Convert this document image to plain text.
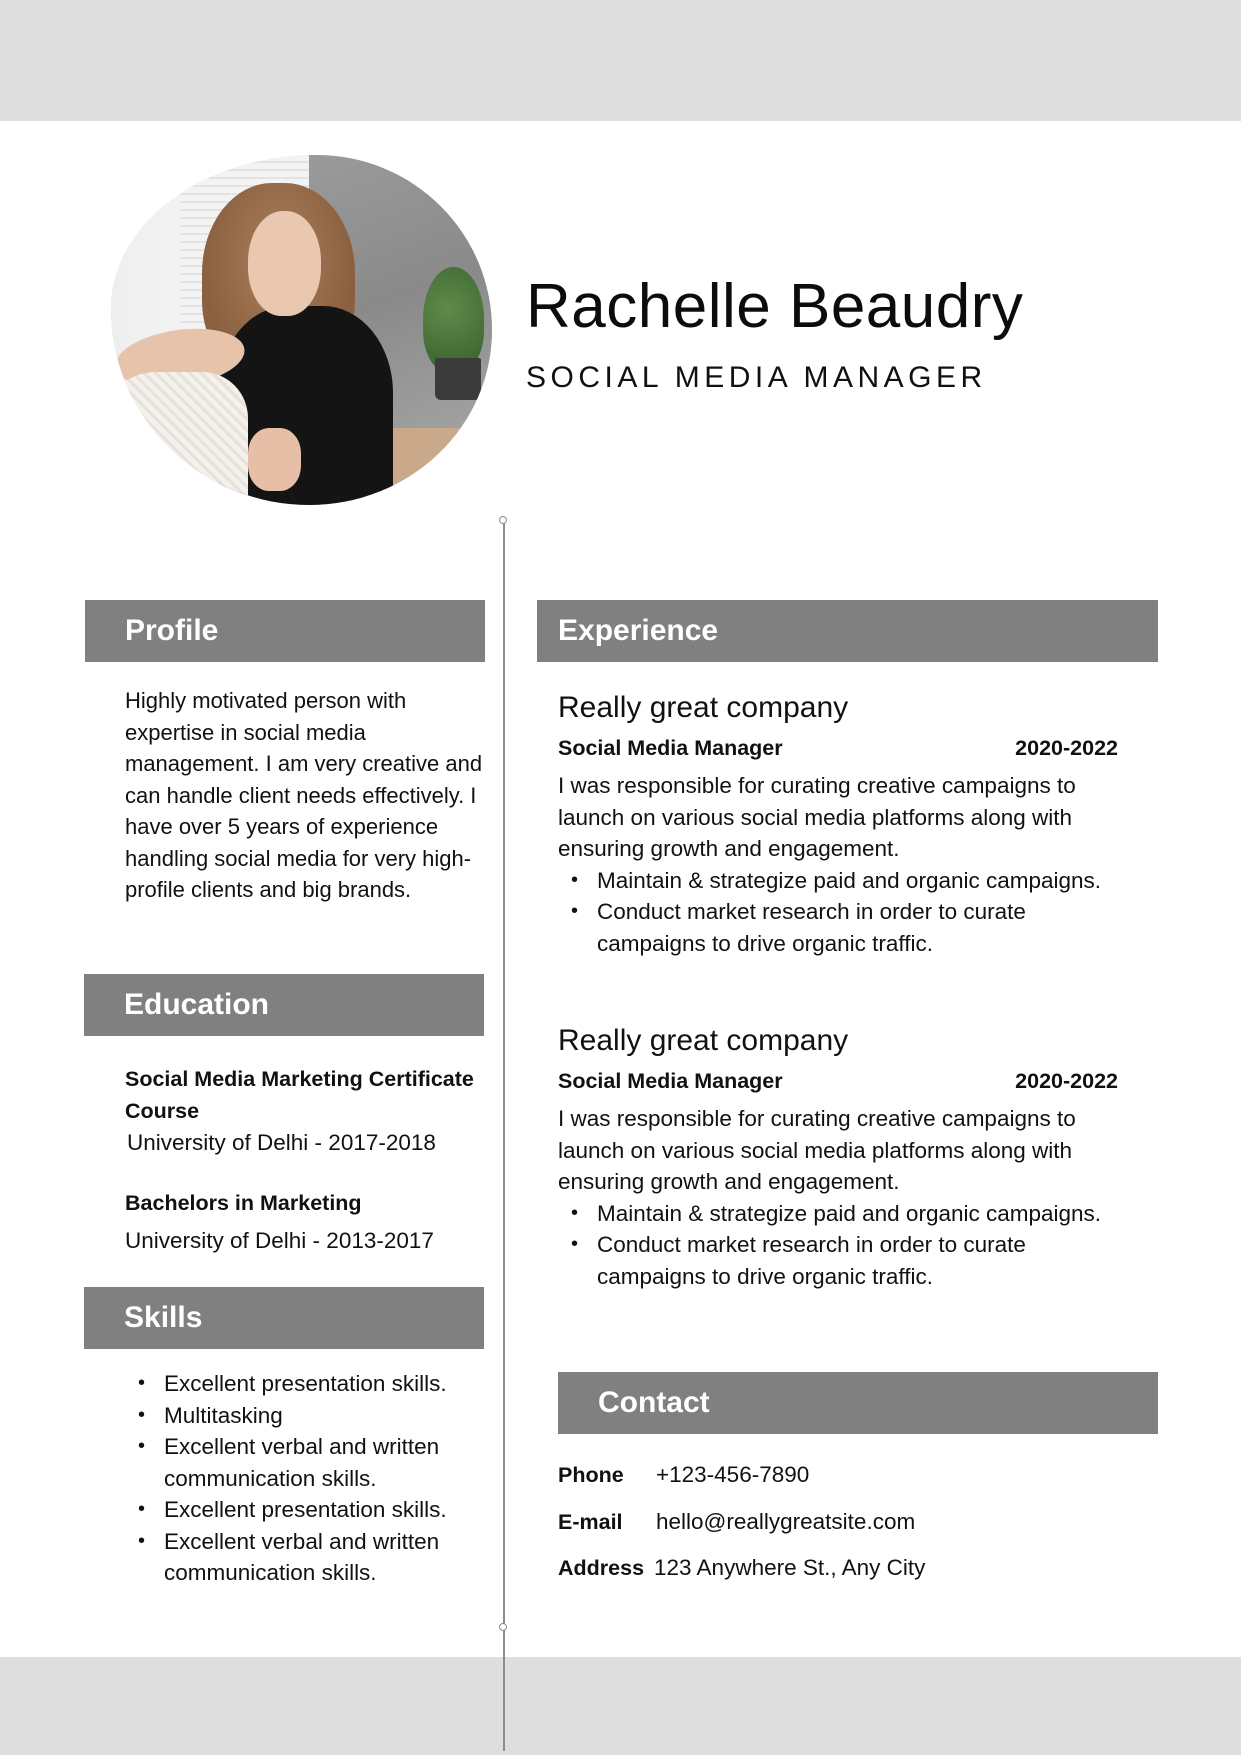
Rachelle Beaudry
SOCIAL MEDIA MANAGER
Profile
Highly motivated person with expertise in social media management. I am very creative and can handle client needs effectively. I have over 5 years of experience handling social media for very high-profile clients and big brands.
Education
Social Media Marketing Certificate Course
University of Delhi - 2017-2018
Bachelors in Marketing
University of Delhi - 2013-2017
Skills
• Excellent presentation skills.
• Multitasking
• Excellent verbal and written communication skills.
• Excellent presentation skills.
• Excellent verbal and written communication skills.
Experience
Really great company
Social Media Manager	2020-2022
I was responsible for curating creative campaigns to launch on various social media platforms along with ensuring growth and engagement.
• Maintain & strategize paid and organic campaigns.
• Conduct market research in order to curate campaigns to drive organic traffic.
Really great company
Social Media Manager	2020-2022
I was responsible for curating creative campaigns to launch on various social media platforms along with ensuring growth and engagement.
• Maintain & strategize paid and organic campaigns.
• Conduct market research in order to curate campaigns to drive organic traffic.
Contact
Phone	+123-456-7890
E-mail	hello@reallygreatsite.com
Address 123 Anywhere St., Any City
